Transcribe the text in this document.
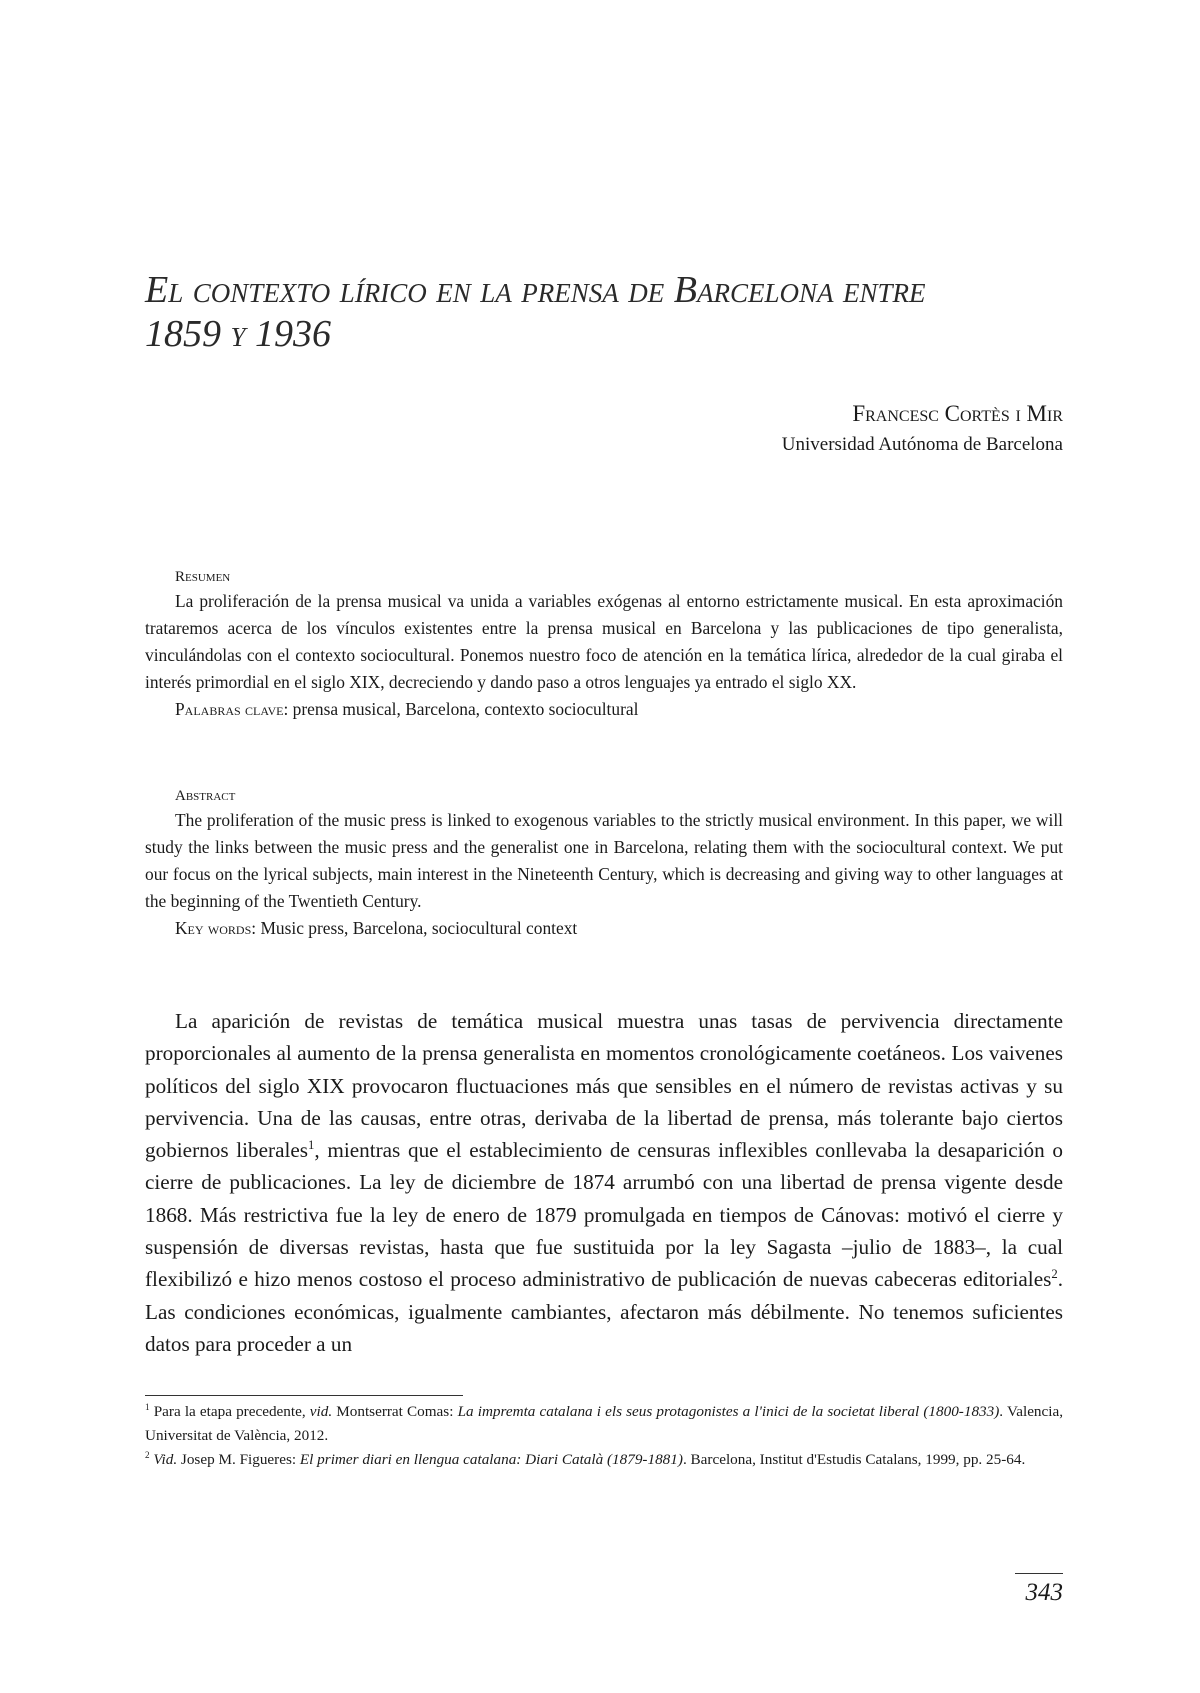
El contexto lírico en la prensa de Barcelona entre
1859 y 1936

Francesc Cortès i Mir

Universidad Autónoma de Barcelona

Resumen

La proliferación de la prensa musical va unida a variables exógenas al entorno estrictamente musical. En esta aproximación trataremos acerca de los vínculos existentes entre la prensa musical en Barcelona y las publicaciones de tipo generalista, vinculándolas con el contexto sociocultural. Ponemos nuestro foco de atención en la temática lírica, alrededor de la cual giraba el interés primordial en el siglo XIX, decreciendo y dando paso a otros lenguajes ya entrado el siglo XX.

Palabras clave: prensa musical, Barcelona, contexto sociocultural
Abstract

The proliferation of the music press is linked to exogenous variables to the strictly musical environment. In this paper, we will study the links between the music press and the generalist one in Barcelona, relating them with the sociocultural context. We put our focus on the lyrical subjects, main interest in the Nineteenth Century, which is decreasing and giving way to other languages at the beginning of the Twentieth Century.

Key words: Music press, Barcelona, sociocultural context

La aparición de revistas de temática musical muestra unas tasas de pervivencia directamente proporcionales al aumento de la prensa generalista en momentos cronológicamente coetáneos. Los vaivenes políticos del siglo XIX provocaron fluctuaciones más que sensibles en el número de revistas activas y su pervivencia. Una de las causas, entre otras, derivaba de la libertad de prensa, más tolerante bajo ciertos gobiernos liberales$^1$, mientras que el establecimiento de censuras inflexibles conllevaba la desaparición o cierre de publicaciones. La ley de diciembre de 1874 arrumbó con una libertad de prensa vigente desde 1868. Más restrictiva fue la ley de enero de 1879 promulgada en tiempos de Cánovas: motivó el cierre y suspensión de diversas revistas, hasta que fue sustituida por la ley Sagasta –julio de 1883–, la cual flexibilizó e hizo menos costoso el proceso administrativo de publicación de nuevas cabeceras editoriales$^2$. Las condiciones económicas, igualmente cambiantes, afectaron más débilmente. No tenemos suficientes datos para proceder a un

$^1$ Para la etapa precedente, vid. Montserrat Comas: La impremta catalana i els seus protagonistes a l'inici de la societat liberal (1800-1833). Valencia, Universitat de València, 2012.

$^2$ Vid. Josep M. Figueres: El primer diari en llengua catalana: Diari Català (1879-1881). Barcelona, Institut d'Estudis Catalans, 1999, pp. 25-64.

343
